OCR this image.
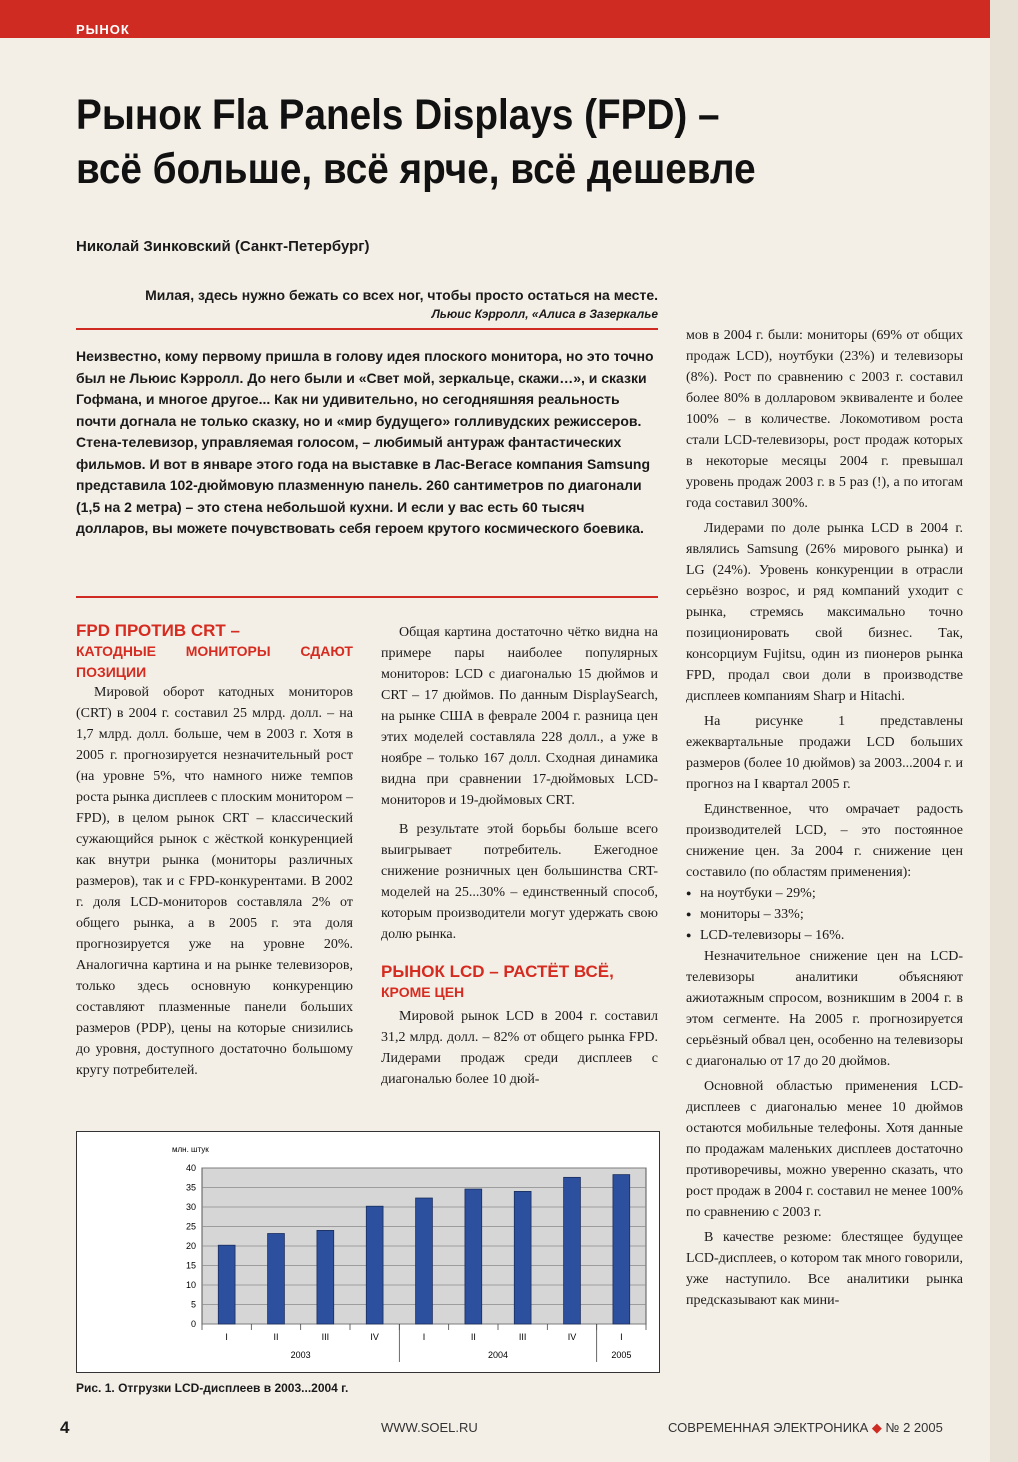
РЫНОК
Рынок Fla Panels Displays (FPD) –
всё больше, всё ярче, всё дешевле
Николай Зинковский (Санкт-Петербург)
Милая, здесь нужно бежать со всех ног, чтобы просто остаться на месте.
Льюис Кэрролл, «Алиса в Зазеркалье

Неизвестно, кому первому пришла в голову идея плоского монитора, но это точно был не Льюис Кэрролл. До него были и «Свет мой, зеркальце, скажи…», и сказки Гофмана, и многое другое... Как ни удивительно, но сегодняшняя реальность почти догнала не только сказку, но и «мир будущего» голливудских режиссеров. Стена-телевизор, управляемая голосом, – любимый антураж фантастических фильмов. И вот в январе этого года на выставке в Лас-Вегасе компания Samsung представила 102-дюймовую плазменную панель. 260 сантиметров по диагонали (1,5 на 2 метра) – это стена небольшой кухни. И если у вас есть 60 тысяч долларов, вы можете почувствовать себя героем крутого космического боевика.

FPD ПРОТИВ CRT –
КАТОДНЫЕ МОНИТОРЫ СДАЮТ ПОЗИЦИИ

Мировой оборот катодных мониторов (CRT) в 2004 г. составил 25 млрд. долл. – на 1,7 млрд. долл. больше, чем в 2003 г. Хотя в 2005 г. прогнозируется незначительный рост (на уровне 5%, что намного ниже темпов роста рынка дисплеев с плоским монитором – FPD), в целом рынок CRT – классический сужающийся рынок с жёсткой конкуренцией как внутри рынка (мониторы различных размеров), так и с FPD-конкурентами. В 2002 г. доля LCD-мониторов составляла 2% от общего рынка, а в 2005 г. эта доля прогнозируется уже на уровне 20%. Аналогична картина и на рынке телевизоров, только здесь основную конкуренцию составляют плазменные панели больших размеров (PDP), цены на которые снизились до уровня, доступного достаточно большому кругу потребителей.

Общая картина достаточно чётко видна на примере пары наиболее популярных мониторов: LCD с диагональю 15 дюймов и CRT – 17 дюймов. По данным DisplaySearch, на рынке США в феврале 2004 г. разница цен этих моделей составляла 228 долл., а уже в ноябре – только 167 долл. Сходная динамика видна при сравнении 17-дюймовых LCD-мониторов и 19-дюймовых CRT.

В результате этой борьбы больше всего выигрывает потребитель. Ежегодное снижение розничных цен большинства CRT-моделей на 25...30% – единственный способ, которым производители могут удержать свою долю рынка.

РЫНОК LCD – РАСТЁТ ВСЁ,
КРОМЕ ЦЕН

Мировой рынок LCD в 2004 г. составил 31,2 млрд. долл. – 82% от общего рынка FPD. Лидерами продаж среди дисплеев с диагональю более 10 дюй-

мов в 2004 г. были: мониторы (69% от общих продаж LCD), ноутбуки (23%) и телевизоры (8%). Рост по сравнению с 2003 г. составил более 80% в долларовом эквиваленте и более 100% – в количестве. Локомотивом роста стали LCD-телевизоры, рост продаж которых в некоторые месяцы 2004 г. превышал уровень продаж 2003 г. в 5 раз (!), а по итогам года составил 300%.

Лидерами по доле рынка LCD в 2004 г. являлись Samsung (26% мирового рынка) и LG (24%). Уровень конкуренции в отрасли серьёзно возрос, и ряд компаний уходит с рынка, стремясь максимально точно позиционировать свой бизнес. Так, консорциум Fujitsu, один из пионеров рынка FPD, продал свои доли в производстве дисплеев компаниям Sharp и Hitachi.

На рисунке 1 представлены ежеквартальные продажи LCD больших размеров (более 10 дюймов) за 2003...2004 г. и прогноз на I квартал 2005 г.

Единственное, что омрачает радость производителей LCD, – это постоянное снижение цен. За 2004 г. снижение цен составило (по областям применения):

● на ноутбуки – 29%;
● мониторы – 33%;
● LCD-телевизоры – 16%.

Незначительное снижение цен на LCD-телевизоры аналитики объясняют ажиотажным спросом, возникшим в 2004 г. в этом сегменте. На 2005 г. прогнозируется серьёзный обвал цен, особенно на телевизоры с диагональю от 17 до 20 дюймов.

Основной областью применения LCD-дисплеев с диагональю менее 10 дюймов остаются мобильные телефоны. Хотя данные по продажам маленьких дисплеев достаточно противоречивы, можно уверенно сказать, что рост продаж в 2004 г. составил не менее 100% по сравнению с 2003 г.

В качестве резюме: блестящее будущее LCD-дисплеев, о котором так много говорили, уже наступило. Все аналитики рынка предсказывают как мини-

млн. штук
0
5
10
15
20
25
30
35
40
I	II	III	IV	I	II	III	IV	I
2003	2004	2005
Рис. 1. Отгрузки LCD-дисплеев в 2003...2004 г.
4	WWW.SOEL.RU	СОВРЕМЕННАЯ ЭЛЕКТРОНИКА ◆ № 2 2005
